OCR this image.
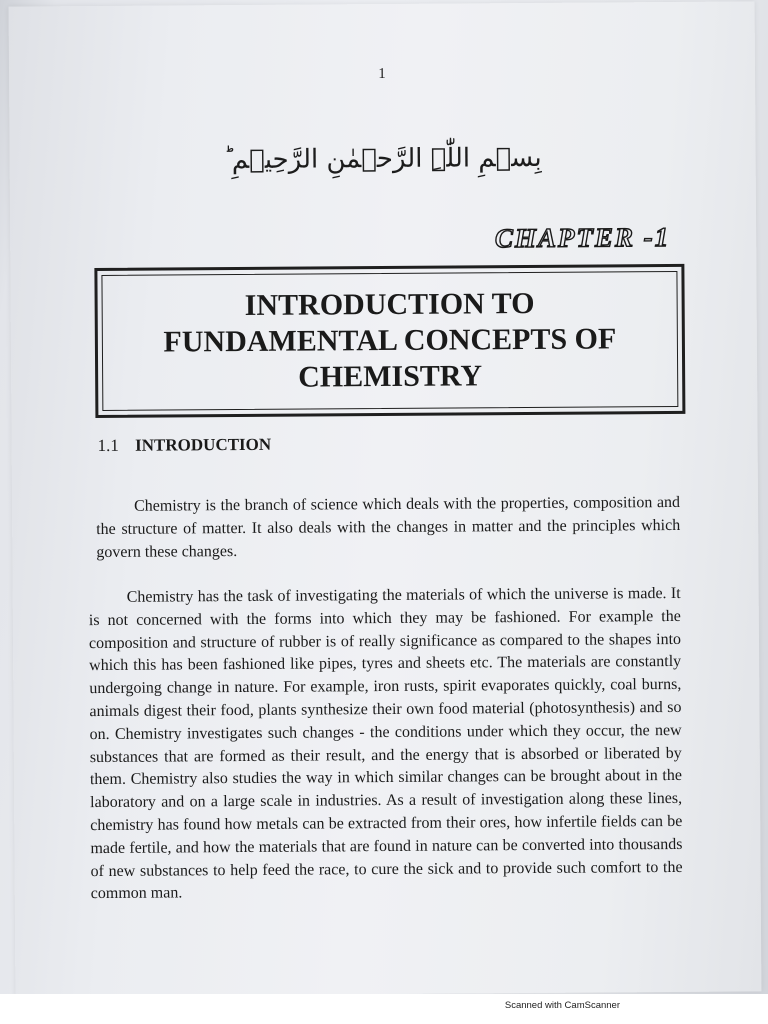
1
بِسۡمِ اللّٰہِ الرَّحۡمٰنِ الرَّحِیۡمِ ؕ
CHAPTER -1
INTRODUCTION TO
FUNDAMENTAL CONCEPTS OF
CHEMISTRY
1.1 INTRODUCTION

Chemistry is the branch of science which deals with the properties, composition and the structure of matter. It also deals with the changes in matter and the principles which govern these changes.

Chemistry has the task of investigating the materials of which the universe is made. It is not concerned with the forms into which they may be fashioned. For example the composition and structure of rubber is of really significance as compared to the shapes into which this has been fashioned like pipes, tyres and sheets etc. The materials are constantly undergoing change in nature. For example, iron rusts, spirit evaporates quickly, coal burns, animals digest their food, plants synthesize their own food material (photosynthesis) and so on. Chemistry investigates such changes - the conditions under which they occur, the new substances that are formed as their result, and the energy that is absorbed or liberated by them. Chemistry also studies the way in which similar changes can be brought about in the laboratory and on a large scale in industries. As a result of investigation along these lines, chemistry has found how metals can be extracted from their ores, how infertile fields can be made fertile, and how the materials that are found in nature can be converted into thousands of new substances to help feed the race, to cure the sick and to provide such comfort to the common man.

Scanned with CamScanner
